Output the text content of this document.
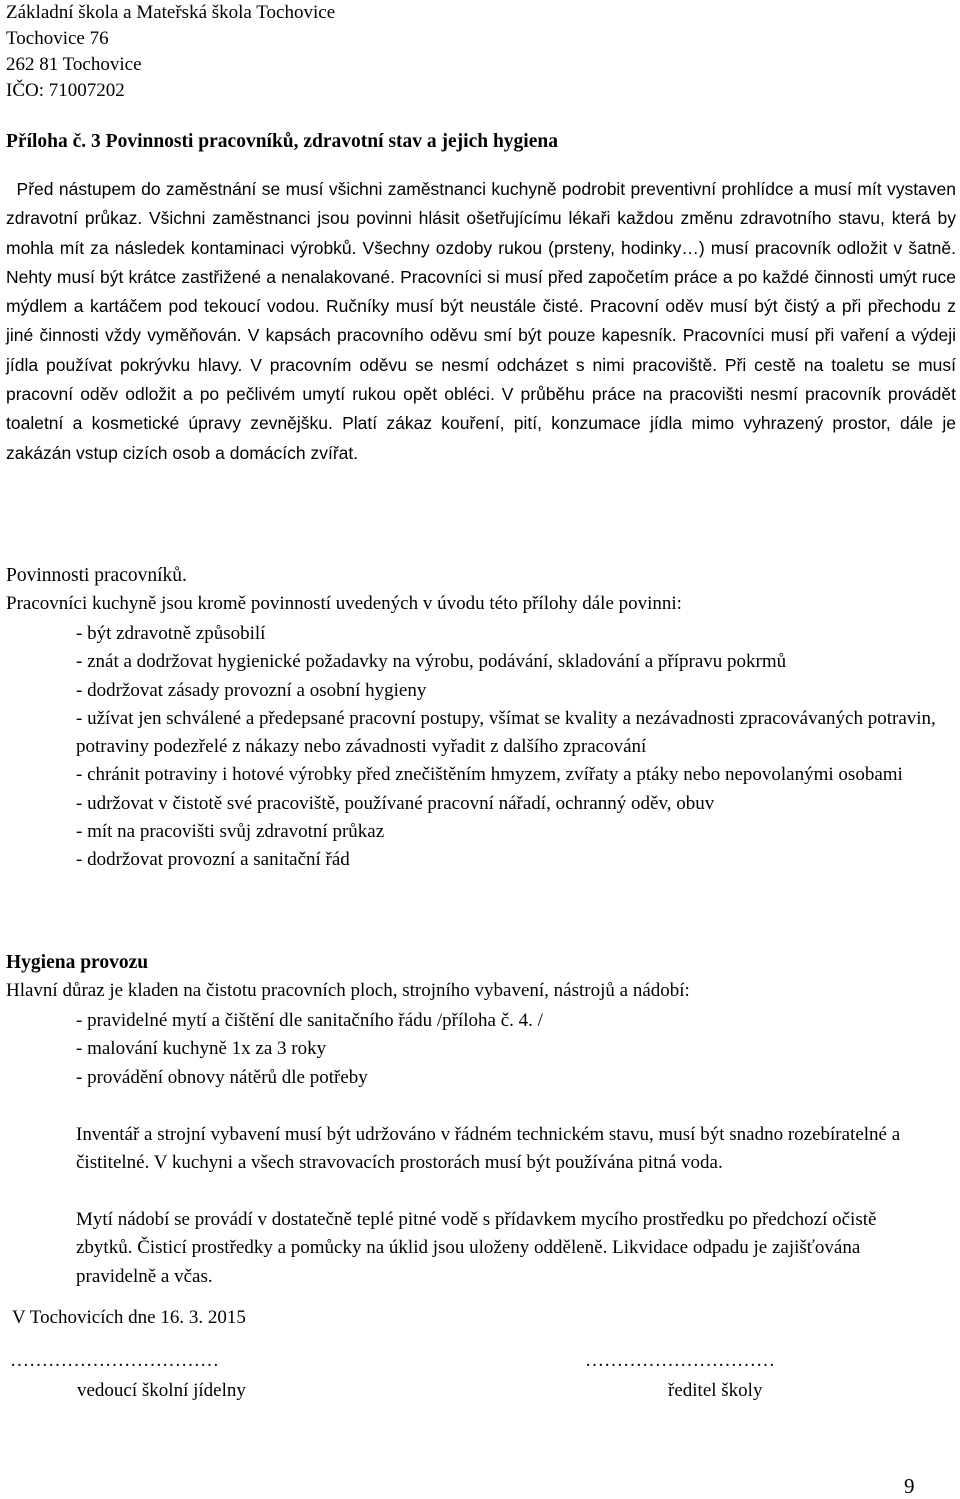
Základní škola a Mateřská škola Tochovice
Tochovice 76
262 81 Tochovice
IČO: 71007202
Příloha č. 3 Povinnosti pracovníků, zdravotní stav a jejich hygiena
Před nástupem do zaměstnání se musí všichni zaměstnanci kuchyně podrobit preventivní prohlídce a musí mít vystaven zdravotní průkaz. Všichni zaměstnanci jsou povinni hlásit ošetřujícímu lékaři každou změnu zdravotního stavu, která by mohla mít za následek kontaminaci výrobků. Všechny ozdoby rukou (prsteny, hodinky…) musí pracovník odložit v šatně. Nehty musí být krátce zastřižené a nenalakované. Pracovníci si musí před započetím práce a po každé činnosti umýt ruce mýdlem a kartáčem pod tekoucí vodou. Ručníky musí být neustále čisté. Pracovní oděv musí být čistý a při přechodu z jiné činnosti vždy vyměňován. V kapsách pracovního oděvu smí být pouze kapesník. Pracovníci musí při vaření a výdeji jídla používat pokrývku hlavy. V pracovním oděvu se nesmí odcházet s nimi pracoviště. Při cestě na toaletu se musí pracovní oděv odložit a po pečlivém umytí rukou opět obléci. V průběhu práce na pracovišti nesmí pracovník provádět toaletní a kosmetické úpravy zevnějšku. Platí zákaz kouření, pití, konzumace jídla mimo vyhrazený prostor, dále je zakázán vstup cizích osob a domácích zvířat.
Povinnosti pracovníků.
Pracovníci kuchyně jsou kromě povinností uvedených v úvodu této přílohy dále povinni:
- být zdravotně způsobilí
- znát a dodržovat hygienické požadavky na výrobu, podávání, skladování a přípravu pokrmů
- dodržovat zásady provozní a osobní hygieny
- užívat jen schválené a předepsané pracovní postupy, všímat se kvality a nezávadnosti zpracovávaných potravin, potraviny podezřelé z nákazy nebo závadnosti vyřadit z dalšího zpracování
- chránit potraviny i hotové výrobky před znečištěním hmyzem, zvířaty a ptáky nebo nepovolanými osobami
- udržovat v čistotě své pracoviště, používané pracovní nářadí, ochranný oděv, obuv
- mít na pracovišti svůj zdravotní průkaz
- dodržovat provozní a sanitační řád
Hygiena provozu
Hlavní důraz je kladen na čistotu pracovních ploch, strojního vybavení, nástrojů a nádobí:
- pravidelné mytí a čištění dle sanitačního řádu /příloha č. 4. /
- malování kuchyně 1x za 3 roky
- provádění obnovy nátěrů dle potřeby
Inventář a strojní vybavení musí být udržováno v řádném technickém stavu, musí být snadno rozebíratelné a čistitelné. V kuchyni a všech stravovacích prostorách musí být používána pitná voda.
Mytí nádobí se provádí v dostatečně teplé pitné vodě s přídavkem mycího prostředku po předchozí očistě zbytků. Čisticí prostředky a pomůcky na úklid jsou uloženy odděleně. Likvidace odpadu je zajišťována pravidelně a včas.
V Tochovicích dne 16. 3. 2015
……………………………	…………………………
vedoucí školní jídelny	ředitel školy
9
